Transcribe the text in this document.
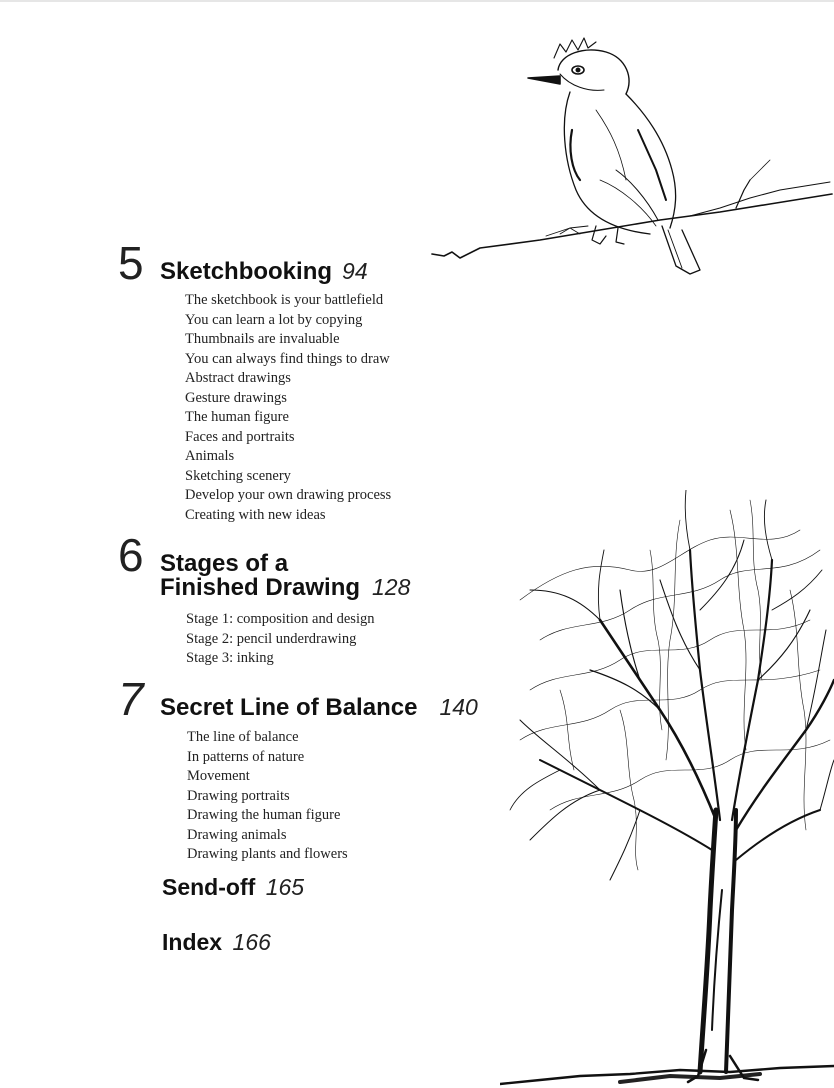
5 Sketchbooking 94
The sketchbook is your battlefield
You can learn a lot by copying
Thumbnails are invaluable
You can always find things to draw
Abstract drawings
Gesture drawings
The human figure
Faces and portraits
Animals
Sketching scenery
Develop your own drawing process
Creating with new ideas
6 Stages of a
Finished Drawing 128
Stage 1: composition and design
Stage 2: pencil underdrawing
Stage 3: inking
7 Secret Line of Balance 140
The line of balance
In patterns of nature
Movement
Drawing portraits
Drawing the human figure
Drawing animals
Drawing plants and flowers
Send-off 165
Index 166
